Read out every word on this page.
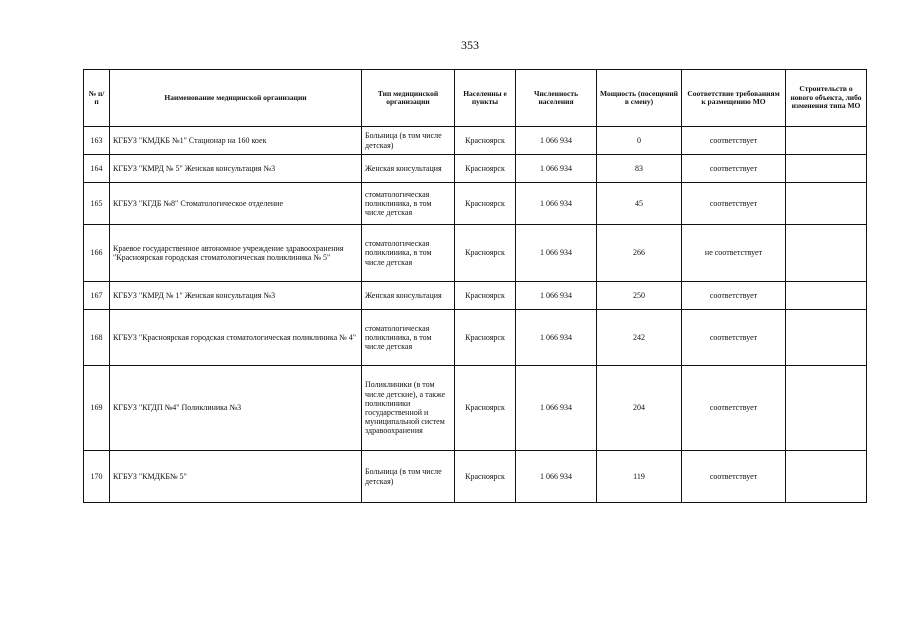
353
№ п/п	Наименование медицинской организации	Тип медицинской организации	Населенны е пункты	Численность населения	Мощность (посещений в смену)	Соответствие требованиям к размещению МО	Строительств о нового объекта, либо изменения типа МО
163	КГБУЗ "КМДКБ №1" Стационар на 160 коек	Больница (в том числе детская)	Красноярск	1 066 934	0	соответствует	
164	КГБУЗ "КМРД № 5" Женская консультация №3	Женская консультация	Красноярск	1 066 934	83	соответствует	
165	КГБУЗ "КГДБ №8" Стоматологическое отделение	стоматологическая поликлиника, в том числе детская	Красноярск	1 066 934	45	соответствует	
166	Краевое государственное автономное учреждение здравоохранения "Красноярская городская стоматологическая поликлиника № 5"	стоматологическая поликлиника, в том числе детская	Красноярск	1 066 934	266	не соответствует	
167	КГБУЗ "КМРД № 1" Женская консультация №3	Женская консультация	Красноярск	1 066 934	250	соответствует	
168	КГБУЗ "Красноярская городская стоматологическая поликлиника № 4"	стоматологическая поликлиника, в том числе детская	Красноярск	1 066 934	242	соответствует	
169	КГБУЗ "КГДП №4" Поликлиника №3	Поликлиники (в том числе детские), а также поликлиники государственной и муниципальной систем здравоохранения	Красноярск	1 066 934	204	соответствует	
170	КГБУЗ "КМДКБ№ 5"	Больница (в том числе детская)	Красноярск	1 066 934	119	соответствует	
